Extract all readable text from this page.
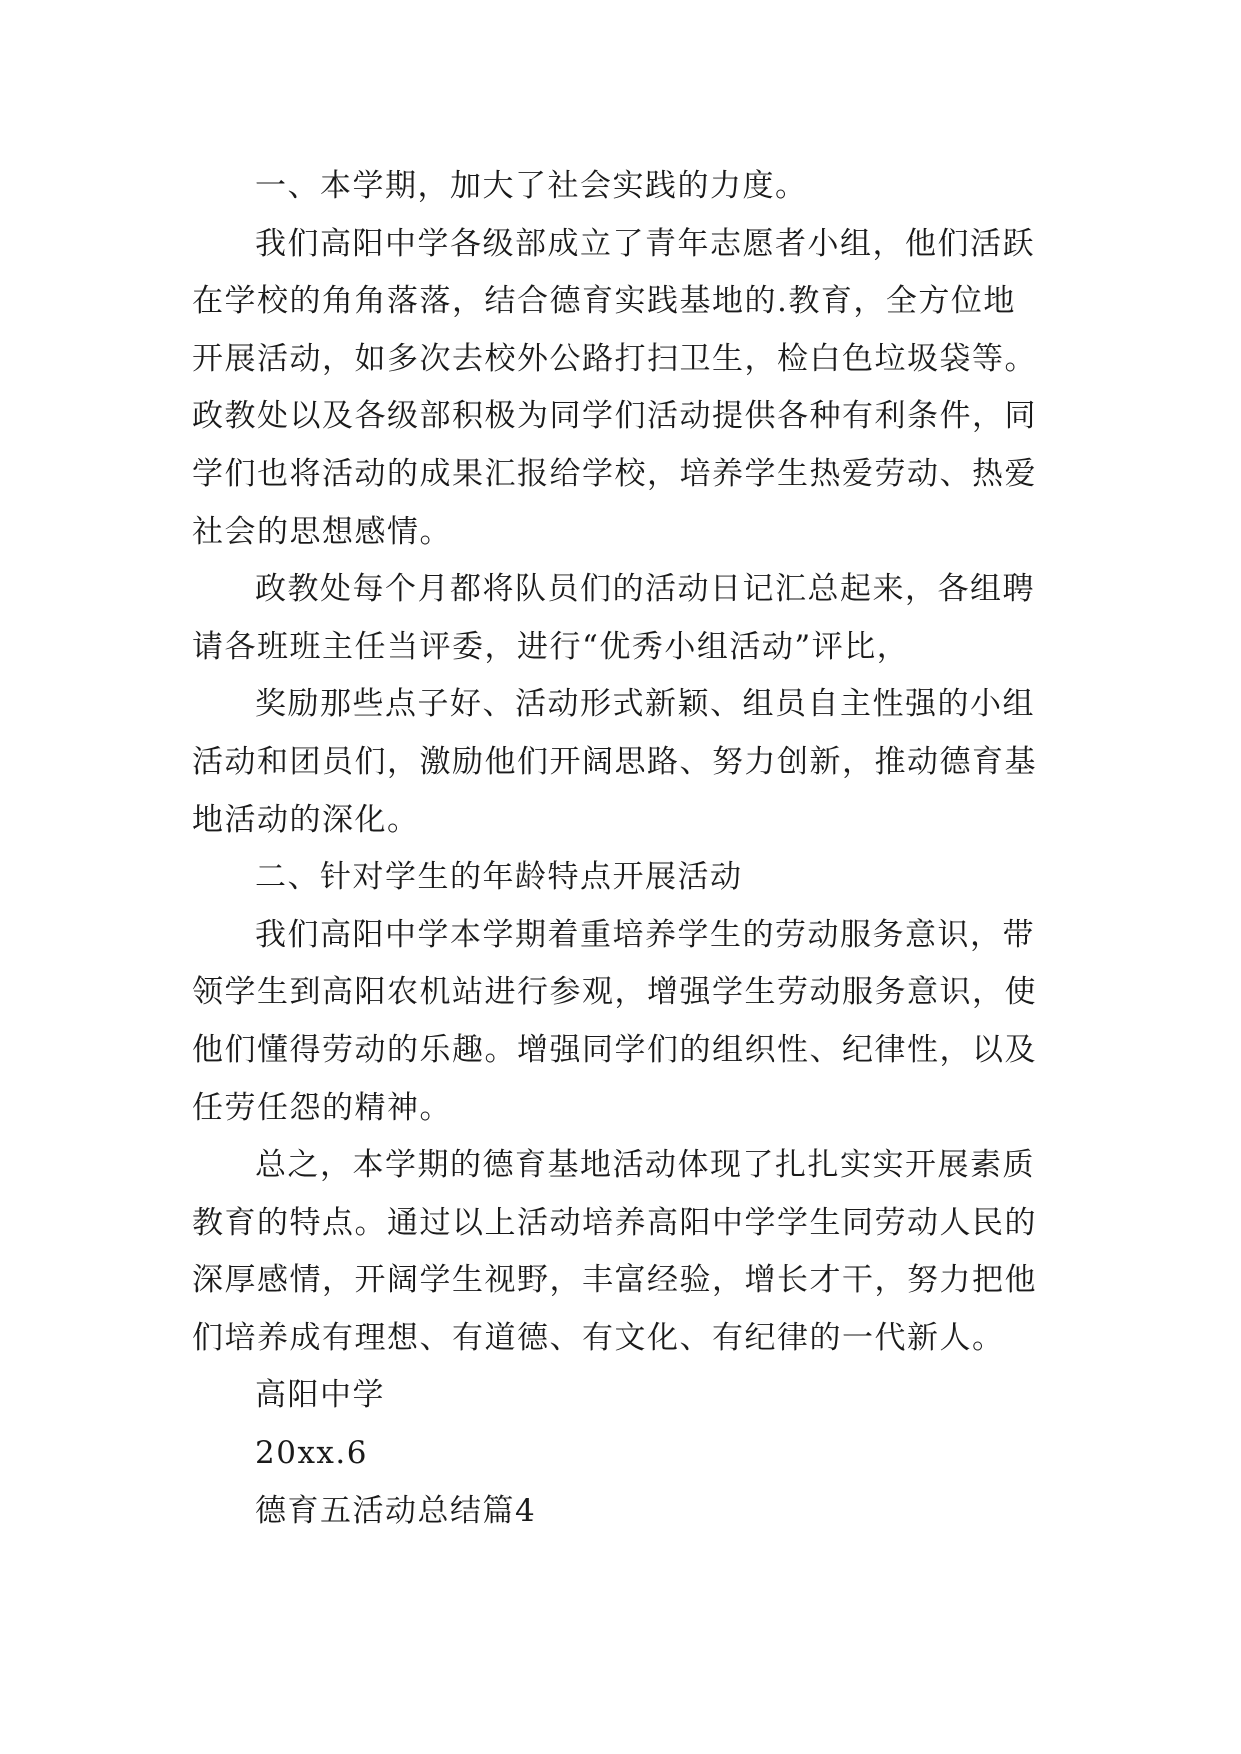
一、本学期，加大了社会实践的力度。
我们高阳中学各级部成立了青年志愿者小组，他们活跃
在学校的角角落落，结合德育实践基地的.教育，全方位地
开展活动，如多次去校外公路打扫卫生，检白色垃圾袋等。
政教处以及各级部积极为同学们活动提供各种有利条件，同
学们也将活动的成果汇报给学校，培养学生热爱劳动、热爱
社会的思想感情。
政教处每个月都将队员们的活动日记汇总起来，各组聘
请各班班主任当评委，进行“优秀小组活动”评比，
奖励那些点子好、活动形式新颖、组员自主性强的小组
活动和团员们，激励他们开阔思路、努力创新，推动德育基
地活动的深化。
二、针对学生的年龄特点开展活动
我们高阳中学本学期着重培养学生的劳动服务意识，带
领学生到高阳农机站进行参观，增强学生劳动服务意识，使
他们懂得劳动的乐趣。增强同学们的组织性、纪律性，以及
任劳任怨的精神。
总之，本学期的德育基地活动体现了扎扎实实开展素质
教育的特点。通过以上活动培养高阳中学学生同劳动人民的
深厚感情，开阔学生视野，丰富经验，增长才干，努力把他
们培养成有理想、有道德、有文化、有纪律的一代新人。
高阳中学
20xx.6
德育五活动总结篇4
